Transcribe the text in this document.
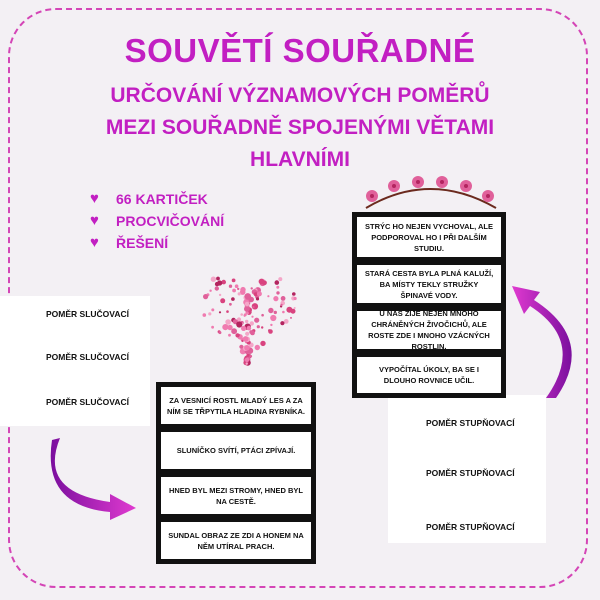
SOUVĚTÍ SOUŘADNÉ
URČOVÁNÍ VÝZNAMOVÝCH POMĚRŮ
MEZI SOUŘADNĚ SPOJENÝMI VĚTAMI
HLAVNÍMI
♥	66 KARTIČEK
♥	PROCVIČOVÁNÍ
♥	ŘEŠENÍ
POMĚR SLUČOVACÍ
POMĚR SLUČOVACÍ
POMĚR SLUČOVACÍ
POMĚR STUPŇOVACÍ
POMĚR STUPŇOVACÍ
POMĚR STUPŇOVACÍ
STRÝC HO NEJEN VYCHOVAL, ALE PODPOROVAL HO I PŘI DALŠÍM STUDIU.
STARÁ CESTA BYLA PLNÁ KALUŽÍ, BA MÍSTY TEKLY STRUŽKY ŠPINAVÉ VODY.
U NÁS ŽIJE NEJEN MNOHO CHRÁNĚNÝCH ŽIVOČICHŮ, ALE ROSTE ZDE I MNOHO VZÁCNÝCH ROSTLIN.
VYPOČÍTAL ÚKOLY, BA SE I DLOUHO ROVNICE UČIL.
ZA VESNICÍ ROSTL MLADÝ LES A ZA NÍM SE TŘPYTILA HLADINA RYBNÍKA.
SLUNÍČKO SVÍTÍ, PTÁCI ZPÍVAJÍ.
HNED BYL MEZI STROMY, HNED BYL NA CESTĚ.
SUNDAL OBRAZ ZE ZDI A HONEM NA NĚM UTÍRAL PRACH.
